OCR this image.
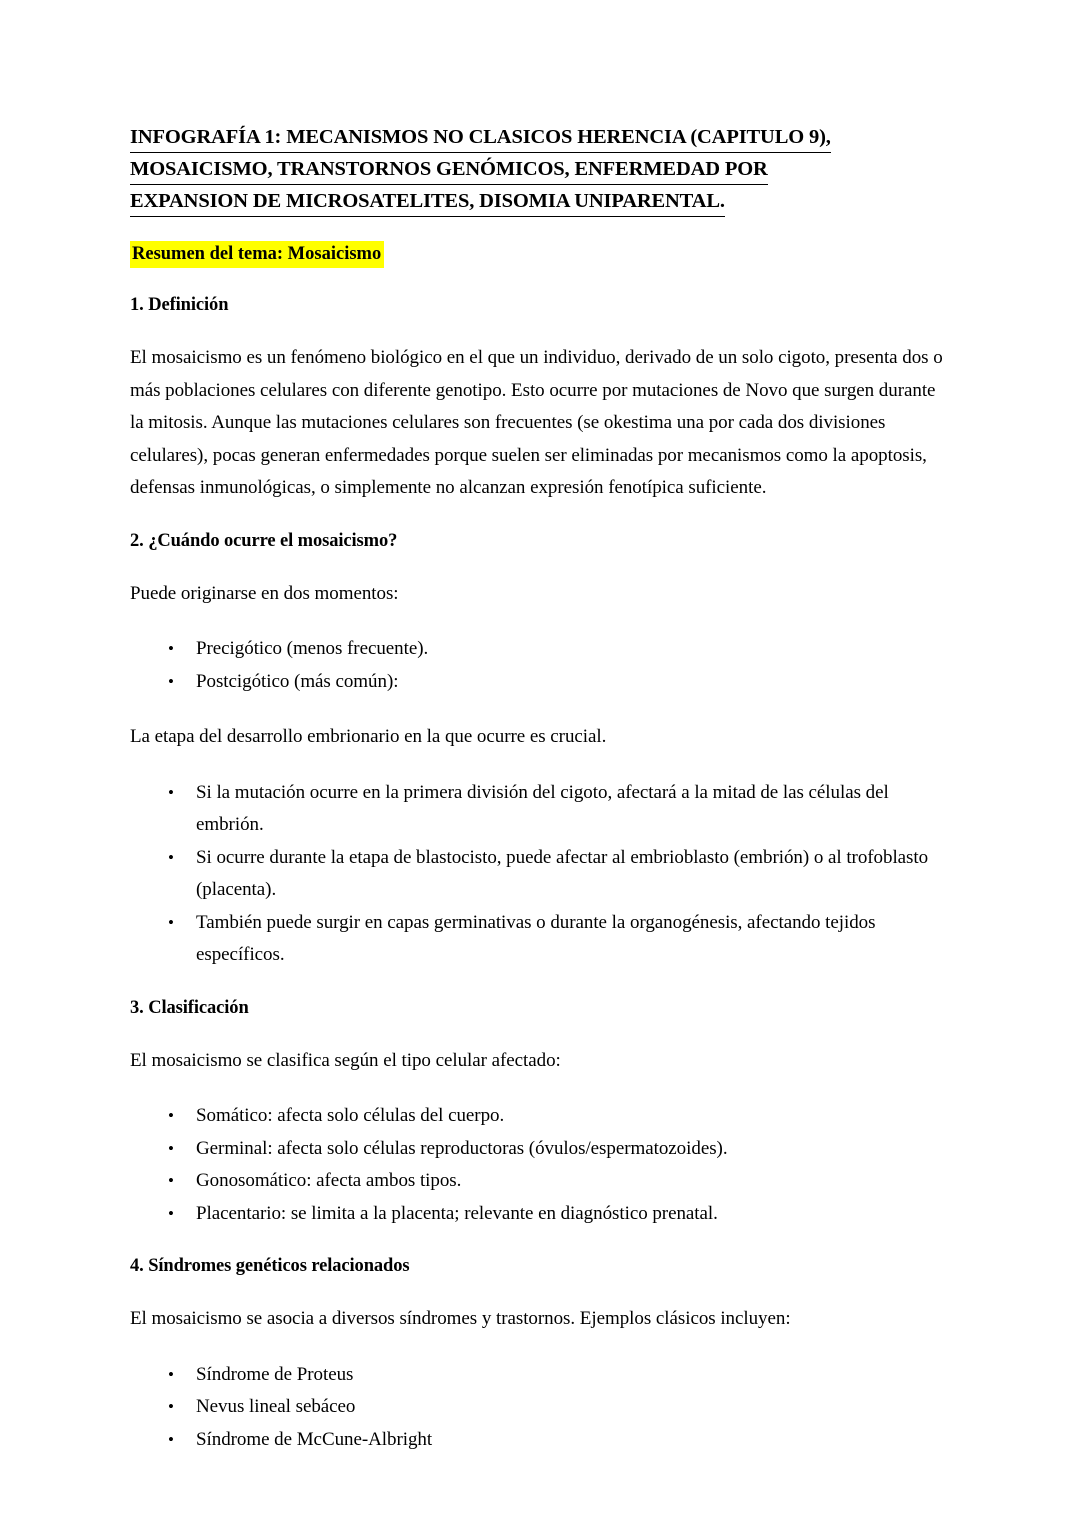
INFOGRAFÍA 1: MECANISMOS NO CLASICOS HERENCIA (CAPITULO 9),
MOSAICISMO, TRANSTORNOS GENÓMICOS, ENFERMEDAD POR
EXPANSION DE MICROSATELITES, DISOMIA UNIPARENTAL.
Resumen del tema: Mosaicismo
1. Definición

El mosaicismo es un fenómeno biológico en el que un individuo, derivado de un solo cigoto, presenta dos o más poblaciones celulares con diferente genotipo. Esto ocurre por mutaciones de Novo que surgen durante la mitosis. Aunque las mutaciones celulares son frecuentes (se okestima una por cada dos divisiones celulares), pocas generan enfermedades porque suelen ser eliminadas por mecanismos como la apoptosis, defensas inmunológicas, o simplemente no alcanzan expresión fenotípica suficiente.

2. ¿Cuándo ocurre el mosaicismo?

Puede originarse en dos momentos:

• Precigótico (menos frecuente).
• Postcigótico (más común):

La etapa del desarrollo embrionario en la que ocurre es crucial.

• Si la mutación ocurre en la primera división del cigoto, afectará a la mitad de las células del embrión.
• Si ocurre durante la etapa de blastocisto, puede afectar al embrioblasto (embrión) o al trofoblasto (placenta).
• También puede surgir en capas germinativas o durante la organogénesis, afectando tejidos específicos.
3. Clasificación

El mosaicismo se clasifica según el tipo celular afectado:

• Somático: afecta solo células del cuerpo.
• Germinal: afecta solo células reproductoras (óvulos/espermatozoides).
• Gonosomático: afecta ambos tipos.
• Placentario: se limita a la placenta; relevante en diagnóstico prenatal.
4. Síndromes genéticos relacionados

El mosaicismo se asocia a diversos síndromes y trastornos. Ejemplos clásicos incluyen:

• Síndrome de Proteus
• Nevus lineal sebáceo
• Síndrome de McCune-Albright
